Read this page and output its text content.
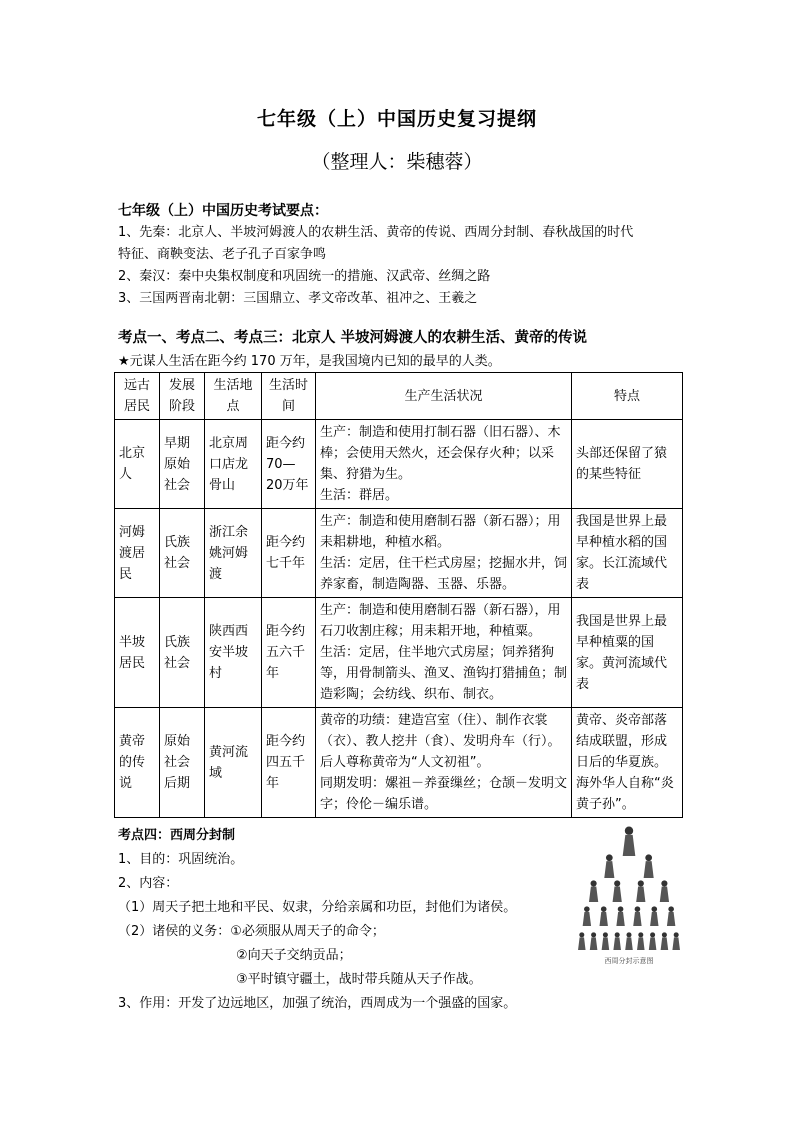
七年级（上）中国历史复习提纲
（整理人：柴穗蓉）
七年级（上）中国历史考试要点：
1、先秦：北京人、半坡河姆渡人的农耕生活、黄帝的传说、西周分封制、春秋战国的时代
特征、商鞅变法、老子孔子百家争鸣
2、秦汉：秦中央集权制度和巩固统一的措施、汉武帝、丝绸之路
3、三国两晋南北朝：三国鼎立、孝文帝改革、祖冲之、王羲之
考点一、考点二、考点三：北京人 半坡河姆渡人的农耕生活、黄帝的传说
★元谋人生活在距今约 170 万年，是我国境内已知的最早的人类。
远古居民	发展阶段	生活地点	生活时间	生产生活状况	特点
北京人	早期原始社会	北京周口店龙骨山	距今约70—20万年	生产：制造和使用打制石器（旧石器）、木棒；会使用天然火，还会保存火种；以采集、狩猎为生。
生活：群居。	头部还保留了猿的某些特征
河姆渡居民	氏族社会	浙江余姚河姆渡	距今约七千年	生产：制造和使用磨制石器（新石器）；用耒耜耕地，种植水稻。
生活：定居，住干栏式房屋；挖掘水井，饲养家畜，制造陶器、玉器、乐器。	我国是世界上最早种植水稻的国家。长江流域代表
半坡居民	氏族社会	陕西西安半坡村	距今约五六千年	生产：制造和使用磨制石器（新石器），用石刀收割庄稼；用耒耜开地，种植粟。
生活：定居，住半地穴式房屋；饲养猪狗等，用骨制箭头、渔叉、渔钩打猎捕鱼；制造彩陶；会纺线、织布、制衣。	我国是世界上最早种植粟的国家。黄河流域代表
黄帝的传说	原始社会后期	黄河流域	距今约四五千年	黄帝的功绩：建造宫室（住）、制作衣裳（衣）、教人挖井（食）、发明舟车（行）。后人尊称黄帝为“人文初祖”。
同期发明：嫘祖－养蚕缫丝；仓颉－发明文字；伶伦－编乐谱。	黄帝、炎帝部落结成联盟，形成日后的华夏族。海外华人自称“炎黄子孙”。
考点四：西周分封制
1、目的：巩固统治。
2、内容：
（1）周天子把土地和平民、奴隶，分给亲属和功臣，封他们为诸侯。
（2）诸侯的义务：①必须服从周天子的命令；
②向天子交纳贡品；
③平时镇守疆土，战时带兵随从天子作战。
3、作用：开发了边远地区，加强了统治，西周成为一个强盛的国家。
西周分封示意图
